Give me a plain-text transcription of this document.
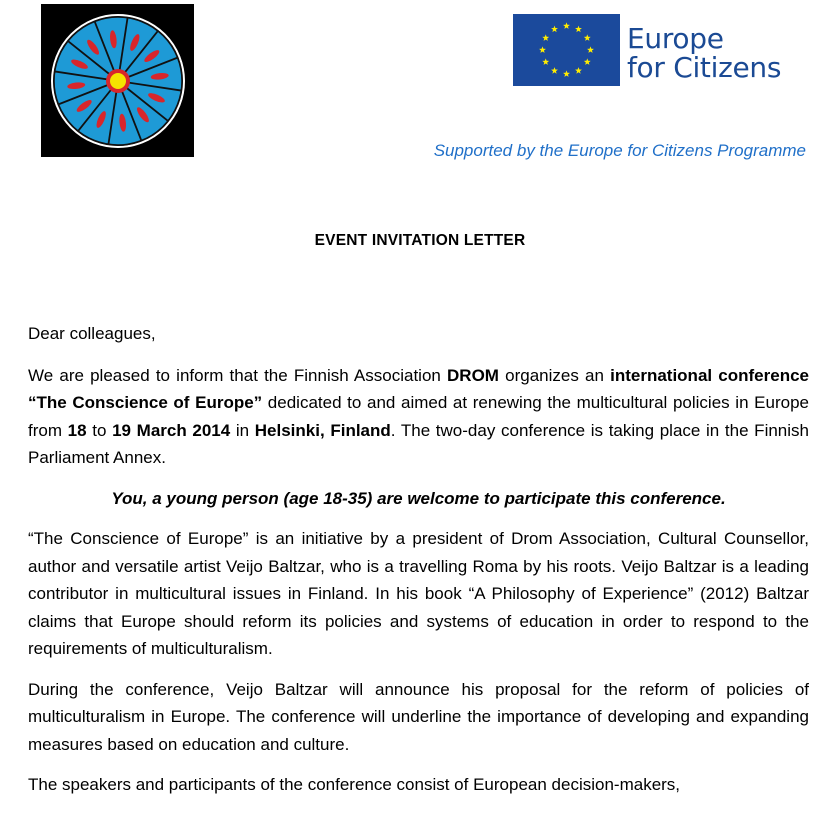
Europe
for Citizens
Supported by the Europe for Citizens Programme
EVENT INVITATION LETTER

Dear colleagues,

We are pleased to inform that the Finnish Association DROM organizes an international conference “The Conscience of Europe” dedicated to and aimed at renewing the multicultural policies in Europe from 18 to 19 March 2014 in Helsinki, Finland. The two-day conference is taking place in the Finnish Parliament Annex.

You, a young person (age 18-35) are welcome to participate this conference.

“The Conscience of Europe” is an initiative by a president of Drom Association, Cultural Counsellor, author and versatile artist Veijo Baltzar, who is a travelling Roma by his roots. Veijo Baltzar is a leading contributor in multicultural issues in Finland. In his book “A Philosophy of Experience” (2012) Baltzar claims that Europe should reform its policies and systems of education in order to respond to the requirements of multiculturalism.

During the conference, Veijo Baltzar will announce his proposal for the reform of policies of multiculturalism in Europe. The conference will underline the importance of developing and expanding measures based on education and culture.

The speakers and participants of the conference consist of European decision-makers,
